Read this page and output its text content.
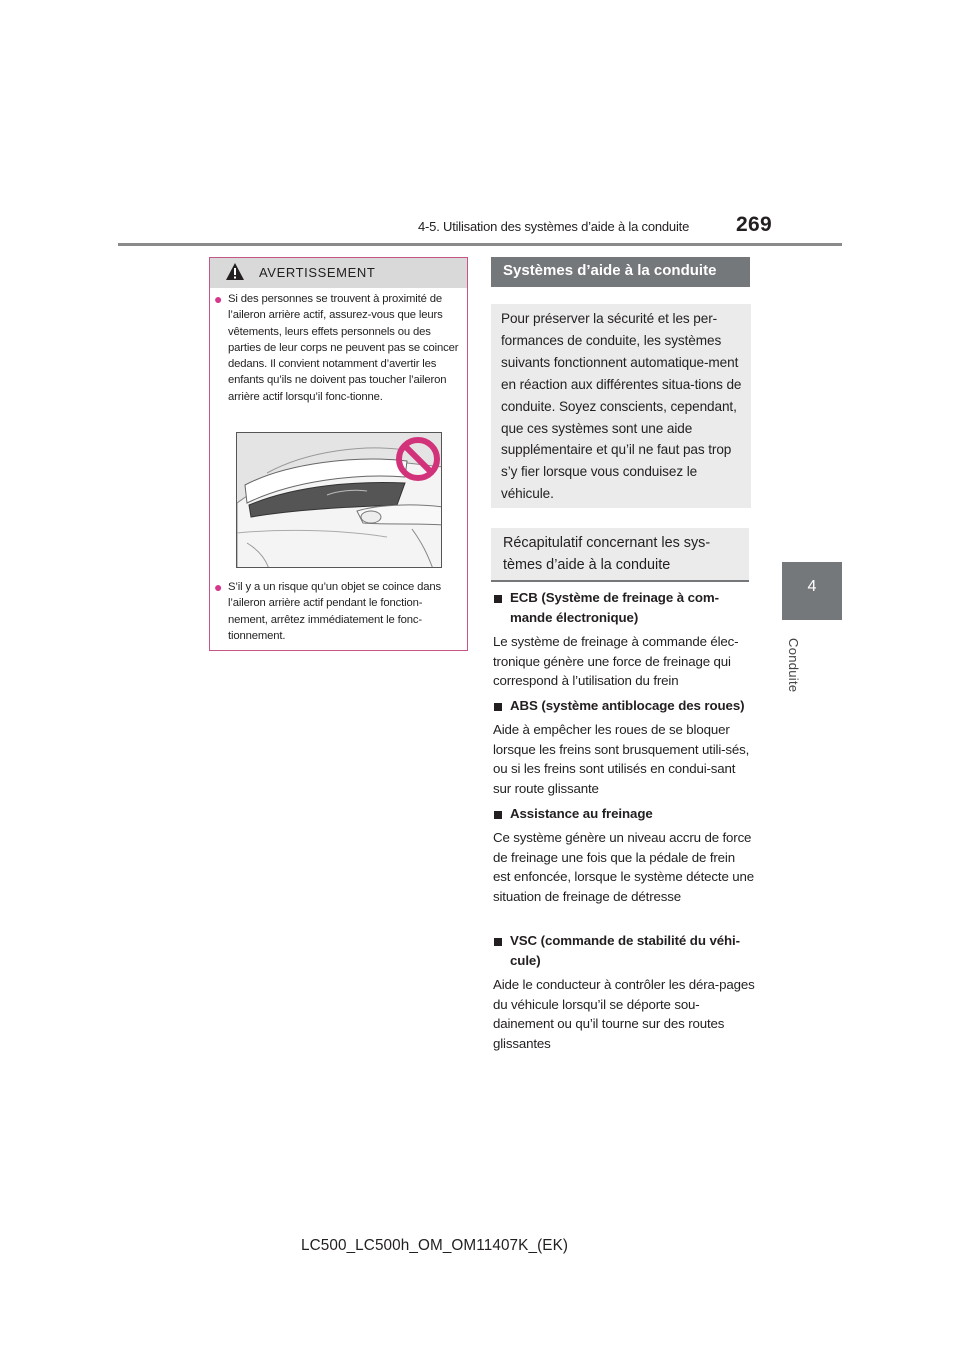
4-5. Utilisation des systèmes d’aide à la conduite 269
4
Conduite
AVERTISSEMENT
● Si des personnes se trouvent à proximité de l’aileron arrière actif, assurez-vous que leurs vêtements, leurs effets personnels ou des parties de leur corps ne peuvent pas se coincer dedans. Il convient notamment d’avertir les enfants qu’ils ne doivent pas toucher l’aileron arrière actif lorsqu’il fonc-tionne.
● S’il y a un risque qu’un objet se coince dans l’aileron arrière actif pendant le fonction-nement, arrêtez immédiatement le fonc-tionnement.
Systèmes d’aide à la conduite
Pour préserver la sécurité et les per-formances de conduite, les systèmes suivants fonctionnent automatique-ment en réaction aux différentes situa-tions de conduite. Soyez conscients, cependant, que ces systèmes sont une aide supplémentaire et qu’il ne faut pas trop s’y fier lorsque vous conduisez le véhicule.
Récapitulatif concernant les sys-tèmes d’aide à la conduite
ECB (Système de freinage à com-mande électronique)
Le système de freinage à commande élec-tronique génère une force de freinage qui correspond à l’utilisation du frein
ABS (système antiblocage des roues)
Aide à empêcher les roues de se bloquer lorsque les freins sont brusquement utili-sés, ou si les freins sont utilisés en condui-sant sur route glissante
Assistance au freinage
Ce système génère un niveau accru de force de freinage une fois que la pédale de frein est enfoncée, lorsque le système détecte une situation de freinage de détresse
VSC (commande de stabilité du véhi-cule)
Aide le conducteur à contrôler les déra-pages du véhicule lorsqu’il se déporte sou-dainement ou qu’il tourne sur des routes glissantes
LC500_LC500h_OM_OM11407K_(EK)
